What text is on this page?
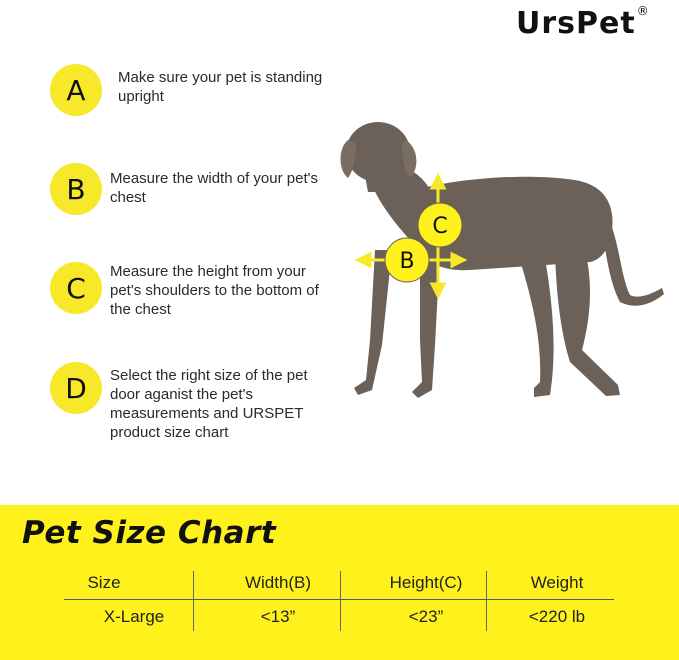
UrsPet®
A	Make sure your pet is standing upright
B	Measure the width of your pet's chest
C	Measure the height from your pet's shoulders to the bottom of the chest
D	Select the right size of the pet door aganist the pet's measurements and URSPET product size chart
C
B
Pet Size Chart
Size	Width(B)	Height(C)	Weight
X-Large	<13”	<23”	<220 lb
